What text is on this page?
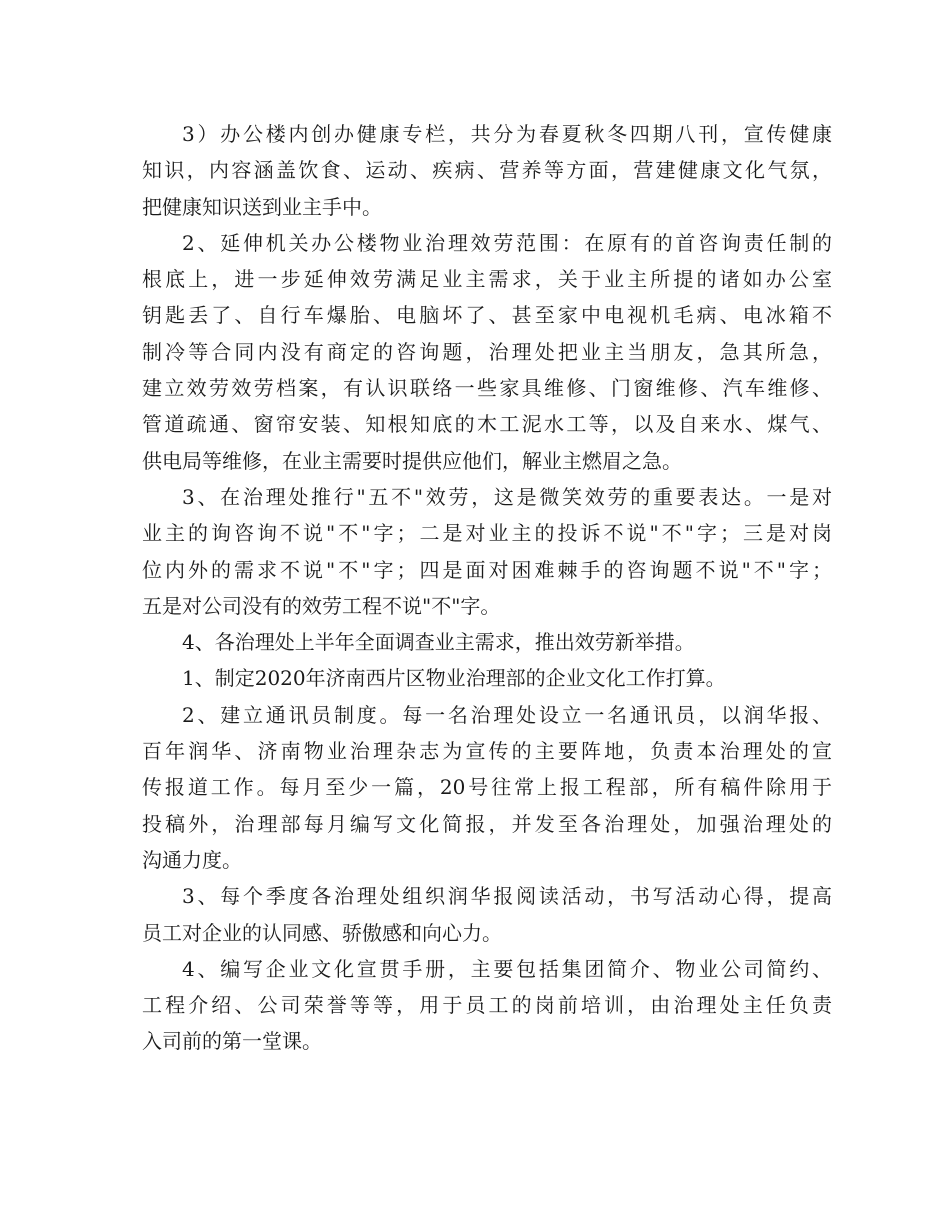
3）办公楼内创办健康专栏，共分为春夏秋冬四期八刊，宣传健康
知识，内容涵盖饮食、运动、疾病、营养等方面，营建健康文化气氛，
把健康知识送到业主手中。
2、延伸机关办公楼物业治理效劳范围：在原有的首咨询责任制的
根底上，进一步延伸效劳满足业主需求，关于业主所提的诸如办公室
钥匙丢了、自行车爆胎、电脑坏了、甚至家中电视机毛病、电冰箱不
制冷等合同内没有商定的咨询题，治理处把业主当朋友，急其所急，
建立效劳效劳档案，有认识联络一些家具维修、门窗维修、汽车维修、
管道疏通、窗帘安装、知根知底的木工泥水工等，以及自来水、煤气、
供电局等维修，在业主需要时提供应他们，解业主燃眉之急。
3、在治理处推行"五不"效劳，这是微笑效劳的重要表达。一是对
业主的询咨询不说"不"字；二是对业主的投诉不说"不"字；三是对岗
位内外的需求不说"不"字；四是面对困难棘手的咨询题不说"不"字；
五是对公司没有的效劳工程不说"不"字。
4、各治理处上半年全面调查业主需求，推出效劳新举措。
1、制定2020年济南西片区物业治理部的企业文化工作打算。
2、建立通讯员制度。每一名治理处设立一名通讯员，以润华报、
百年润华、济南物业治理杂志为宣传的主要阵地，负责本治理处的宣
传报道工作。每月至少一篇，20号往常上报工程部，所有稿件除用于
投稿外，治理部每月编写文化简报，并发至各治理处，加强治理处的
沟通力度。
3、每个季度各治理处组织润华报阅读活动，书写活动心得，提高
员工对企业的认同感、骄傲感和向心力。
4、编写企业文化宣贯手册，主要包括集团简介、物业公司简约、
工程介绍、公司荣誉等等，用于员工的岗前培训，由治理处主任负责
入司前的第一堂课。
